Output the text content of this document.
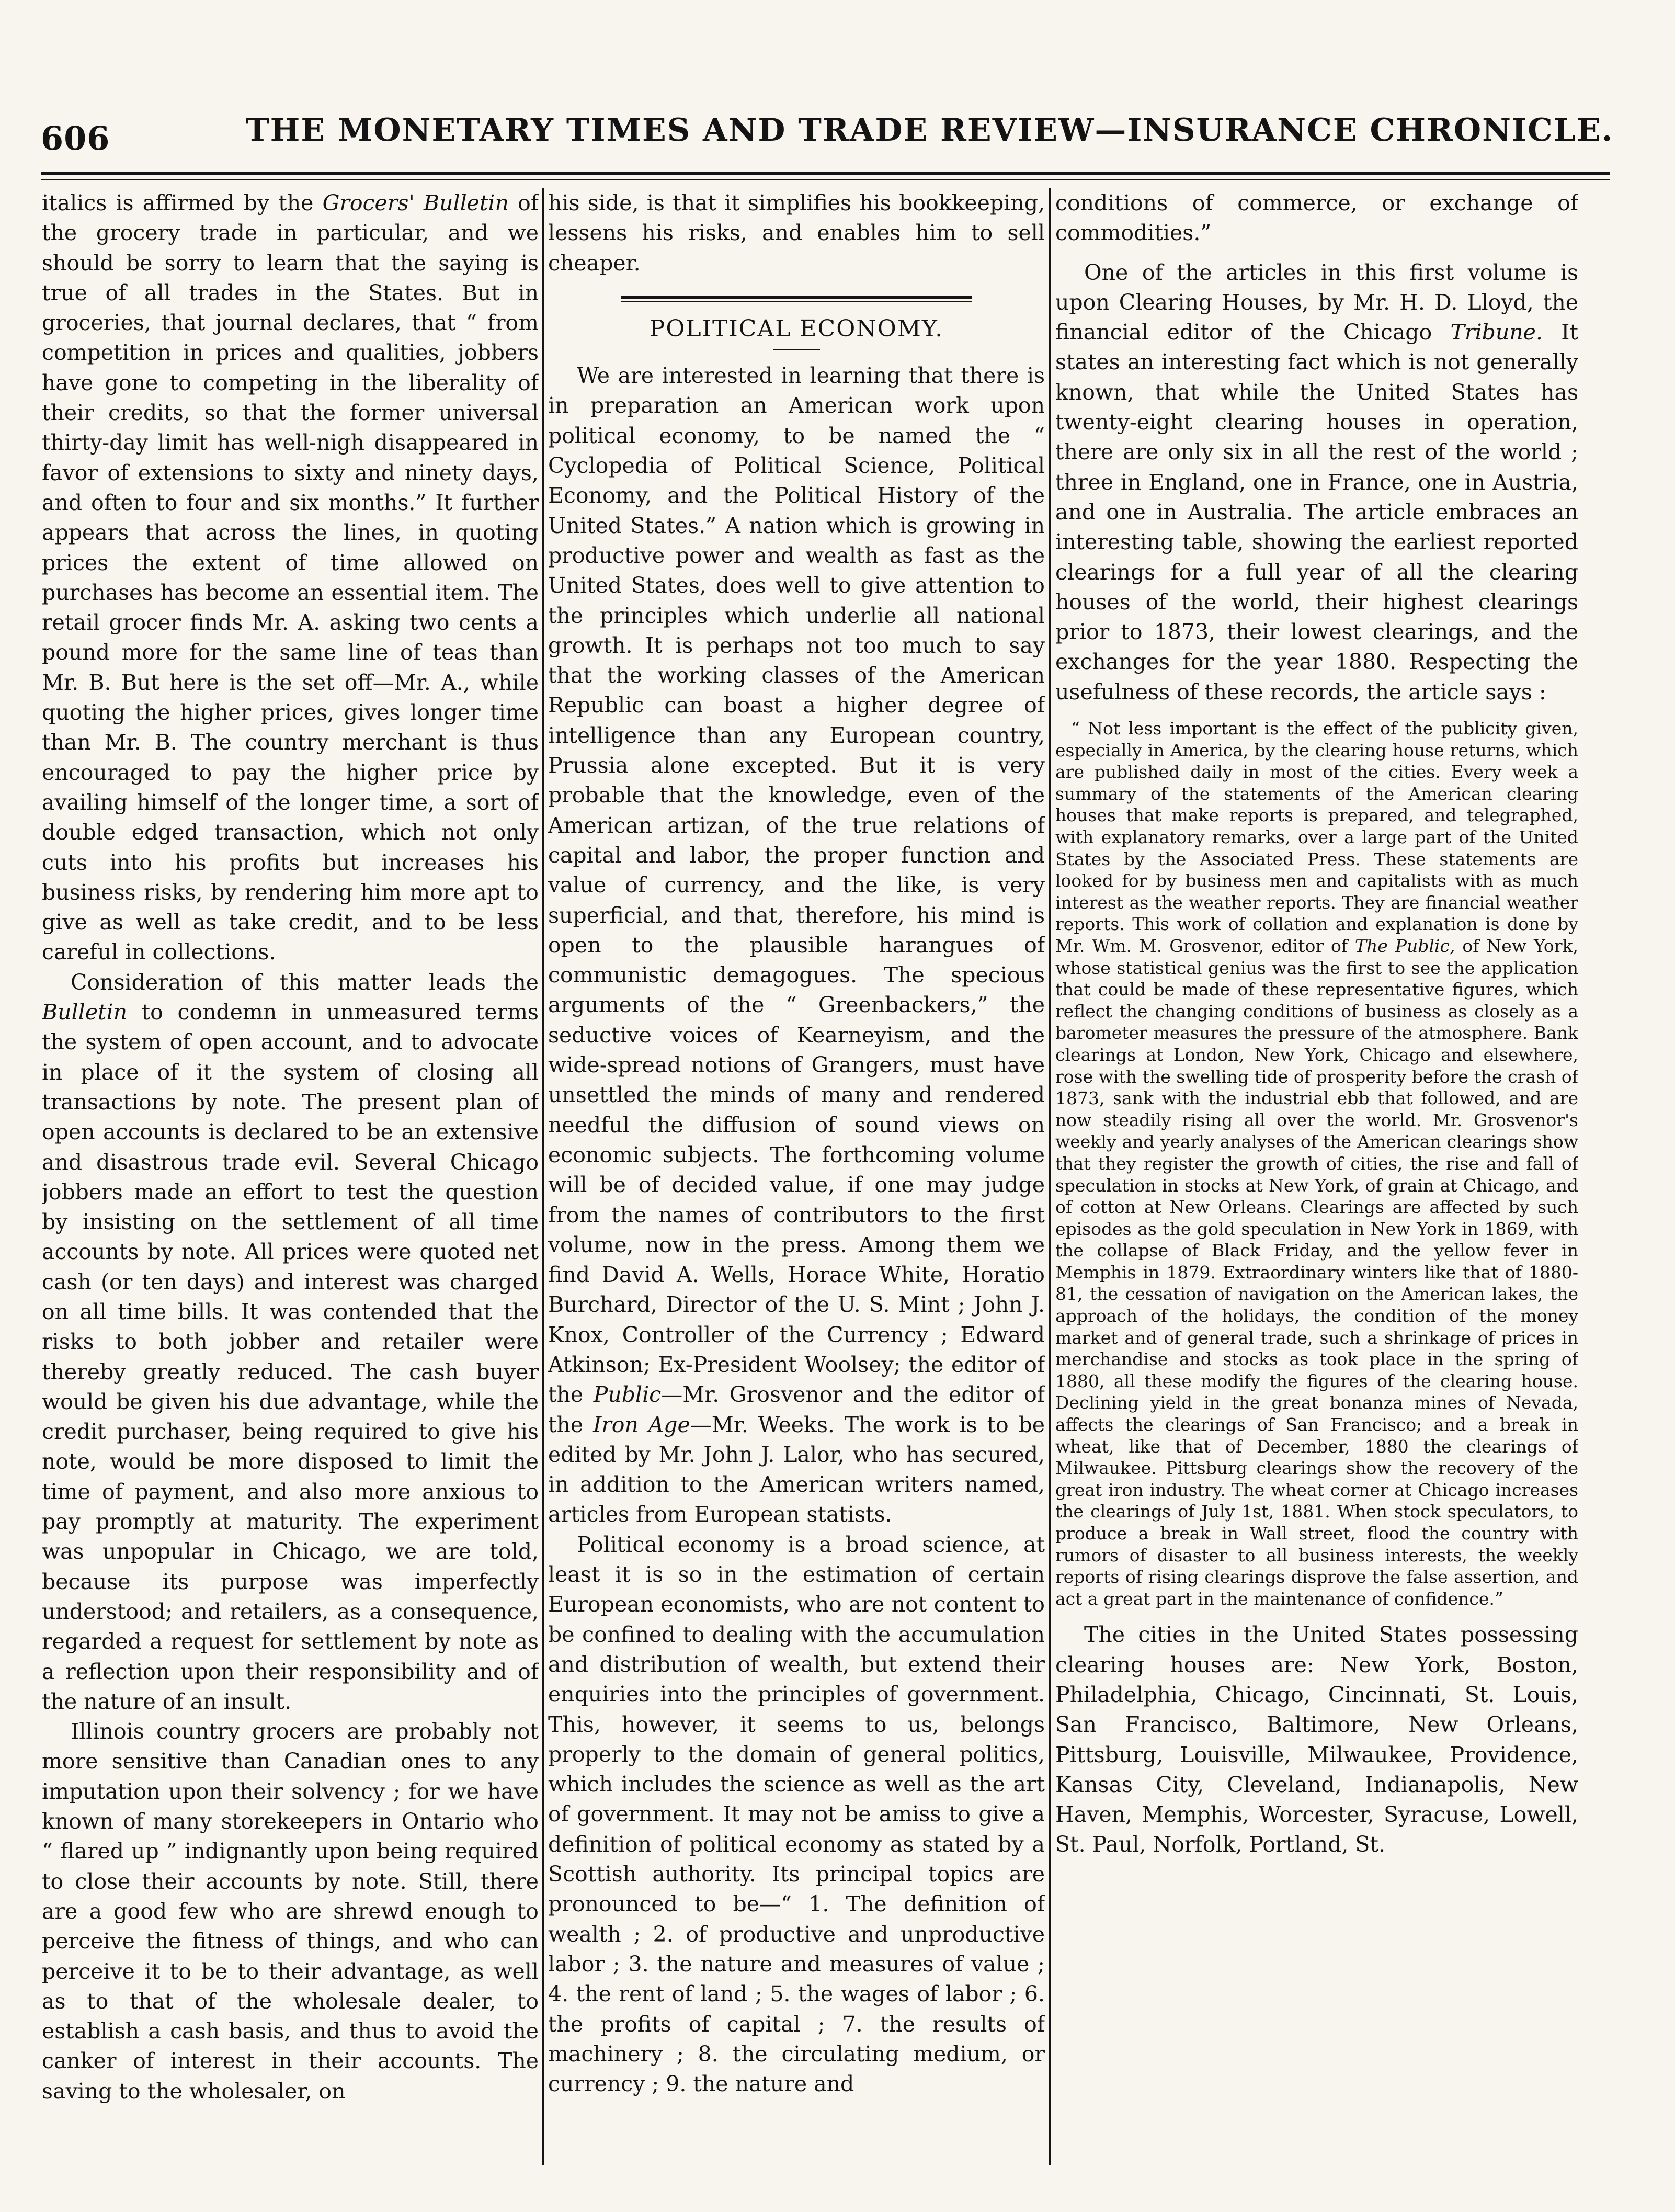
606	THE MONETARY TIMES AND TRADE REVIEW—INSURANCE CHRONICLE.

italics is affirmed by the Grocers' Bulletin of the grocery trade in particular, and we should be sorry to learn that the saying is true of all trades in the States. But in groceries, that journal declares, that “ from competition in prices and qualities, jobbers have gone to competing in the liberality of their credits, so that the former universal thirty-day limit has well-nigh disappeared in favor of extensions to sixty and ninety days, and often to four and six months.” It further appears that across the lines, in quoting prices the extent of time allowed on purchases has become an essential item. The retail grocer finds Mr. A. asking two cents a pound more for the same line of teas than Mr. B. But here is the set off—Mr. A., while quoting the higher prices, gives longer time than Mr. B. The country merchant is thus encouraged to pay the higher price by availing himself of the longer time, a sort of double edged transaction, which not only cuts into his profits but increases his business risks, by rendering him more apt to give as well as take credit, and to be less careful in collections.

Consideration of this matter leads the Bulletin to condemn in unmeasured terms the system of open account, and to advocate in place of it the system of closing all transactions by note. The present plan of open accounts is declared to be an extensive and disastrous trade evil. Several Chicago jobbers made an effort to test the question by insisting on the settlement of all time accounts by note. All prices were quoted net cash (or ten days) and interest was charged on all time bills. It was contended that the risks to both jobber and retailer were thereby greatly reduced. The cash buyer would be given his due advantage, while the credit purchaser, being required to give his note, would be more disposed to limit the time of payment, and also more anxious to pay promptly at maturity. The experiment was unpopular in Chicago, we are told, because its purpose was imperfectly understood; and retailers, as a consequence, regarded a request for settlement by note as a reflection upon their responsibility and of the nature of an insult.

Illinois country grocers are probably not more sensitive than Canadian ones to any imputation upon their solvency ; for we have known of many storekeepers in Ontario who “ flared up ” indignantly upon being required to close their accounts by note. Still, there are a good few who are shrewd enough to perceive the fitness of things, and who can perceive it to be to their advantage, as well as to that of the wholesale dealer, to establish a cash basis, and thus to avoid the canker of interest in their accounts. The saving to the wholesaler, on

his side, is that it simplifies his bookkeeping, lessens his risks, and enables him to sell cheaper.

POLITICAL ECONOMY.

We are interested in learning that there is in preparation an American work upon political economy, to be named the “ Cyclopedia of Political Science, Political Economy, and the Political History of the United States.” A nation which is growing in productive power and wealth as fast as the United States, does well to give attention to the principles which underlie all national growth. It is perhaps not too much to say that the working classes of the American Republic can boast a higher degree of intelligence than any European country, Prussia alone excepted. But it is very probable that the knowledge, even of the American artizan, of the true relations of capital and labor, the proper function and value of currency, and the like, is very superficial, and that, therefore, his mind is open to the plausible harangues of communistic demagogues. The specious arguments of the “ Greenbackers,” the seductive voices of Kearneyism, and the wide-spread notions of Grangers, must have unsettled the minds of many and rendered needful the diffusion of sound views on economic subjects. The forthcoming volume will be of decided value, if one may judge from the names of contributors to the first volume, now in the press. Among them we find David A. Wells, Horace White, Horatio Burchard, Director of the U. S. Mint ; John J. Knox, Controller of the Currency ; Edward Atkinson; Ex-President Woolsey; the editor of the Public—Mr. Grosvenor and the editor of the Iron Age—Mr. Weeks. The work is to be edited by Mr. John J. Lalor, who has secured, in addition to the American writers named, articles from European statists.

Political economy is a broad science, at least it is so in the estimation of certain European economists, who are not content to be confined to dealing with the accumulation and distribution of wealth, but extend their enquiries into the principles of government. This, however, it seems to us, belongs properly to the domain of general politics, which includes the science as well as the art of government. It may not be amiss to give a definition of political economy as stated by a Scottish authority. Its principal topics are pronounced to be—“ 1. The definition of wealth ; 2. of productive and unproductive labor ; 3. the nature and measures of value ; 4. the rent of land ; 5. the wages of labor ; 6. the profits of capital ; 7. the results of machinery ; 8. the circulating medium, or currency ; 9. the nature and

conditions of commerce, or exchange of commodities.”

One of the articles in this first volume is upon Clearing Houses, by Mr. H. D. Lloyd, the financial editor of the Chicago Tribune. It states an interesting fact which is not generally known, that while the United States has twenty-eight clearing houses in operation, there are only six in all the rest of the world ; three in England, one in France, one in Austria, and one in Australia. The article embraces an interesting table, showing the earliest reported clearings for a full year of all the clearing houses of the world, their highest clearings prior to 1873, their lowest clearings, and the exchanges for the year 1880. Respecting the usefulness of these records, the article says :

“ Not less important is the effect of the publicity given, especially in America, by the clearing house returns, which are published daily in most of the cities. Every week a summary of the statements of the American clearing houses that make reports is prepared, and telegraphed, with explanatory remarks, over a large part of the United States by the Associated Press. These statements are looked for by business men and capitalists with as much interest as the weather reports. They are financial weather reports. This work of collation and explanation is done by Mr. Wm. M. Grosvenor, editor of The Public, of New York, whose statistical genius was the first to see the application that could be made of these representative figures, which reflect the changing conditions of business as closely as a barometer measures the pressure of the atmosphere. Bank clearings at London, New York, Chicago and elsewhere, rose with the swelling tide of prosperity before the crash of 1873, sank with the industrial ebb that followed, and are now steadily rising all over the world. Mr. Grosvenor's weekly and yearly analyses of the American clearings show that they register the growth of cities, the rise and fall of speculation in stocks at New York, of grain at Chicago, and of cotton at New Orleans. Clearings are affected by such episodes as the gold speculation in New York in 1869, with the collapse of Black Friday, and the yellow fever in Memphis in 1879. Extraordinary winters like that of 1880-81, the cessation of navigation on the American lakes, the approach of the holidays, the condition of the money market and of general trade, such a shrinkage of prices in merchandise and stocks as took place in the spring of 1880, all these modify the figures of the clearing house. Declining yield in the great bonanza mines of Nevada, affects the clearings of San Francisco; and a break in wheat, like that of December, 1880 the clearings of Milwaukee. Pittsburg clearings show the recovery of the great iron industry. The wheat corner at Chicago increases the clearings of July 1st, 1881. When stock speculators, to produce a break in Wall street, flood the country with rumors of disaster to all business interests, the weekly reports of rising clearings disprove the false assertion, and act a great part in the maintenance of confidence.”

The cities in the United States possessing clearing houses are: New York, Boston, Philadelphia, Chicago, Cincinnati, St. Louis, San Francisco, Baltimore, New Orleans, Pittsburg, Louisville, Milwaukee, Providence, Kansas City, Cleveland, Indianapolis, New Haven, Memphis, Worcester, Syracuse, Lowell, St. Paul, Norfolk, Portland, St.
